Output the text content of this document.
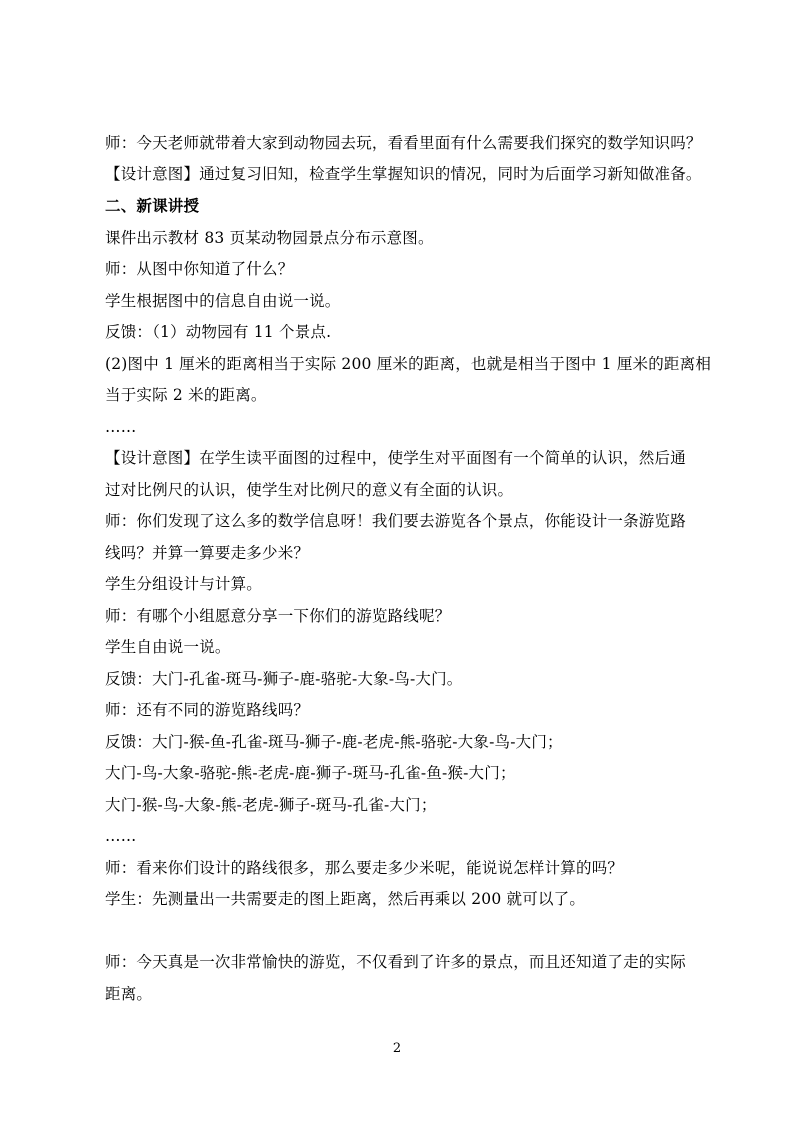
师：今天老师就带着大家到动物园去玩，看看里面有什么需要我们探究的数学知识吗？
【设计意图】通过复习旧知，检查学生掌握知识的情况，同时为后面学习新知做准备。
二、新课讲授
课件出示教材 83 页某动物园景点分布示意图。
师：从图中你知道了什么？
学生根据图中的信息自由说一说。
反馈：（1）动物园有 11 个景点.
(2)图中 1 厘米的距离相当于实际 200 厘米的距离，也就是相当于图中 1 厘米的距离相
当于实际 2 米的距离。
……
【设计意图】在学生读平面图的过程中，使学生对平面图有一个简单的认识，然后通
过对比例尺的认识，使学生对比例尺的意义有全面的认识。
师：你们发现了这么多的数学信息呀！我们要去游览各个景点，你能设计一条游览路
线吗？并算一算要走多少米？
学生分组设计与计算。
师：有哪个小组愿意分享一下你们的游览路线呢？
学生自由说一说。
反馈：大门-孔雀-斑马-狮子-鹿-骆驼-大象-鸟-大门。
师：还有不同的游览路线吗？
反馈：大门-猴-鱼-孔雀-斑马-狮子-鹿-老虎-熊-骆驼-大象-鸟-大门；
大门-鸟-大象-骆驼-熊-老虎-鹿-狮子-斑马-孔雀-鱼-猴-大门；
大门-猴-鸟-大象-熊-老虎-狮子-斑马-孔雀-大门；
……
师：看来你们设计的路线很多，那么要走多少米呢，能说说怎样计算的吗？
学生：先测量出一共需要走的图上距离，然后再乘以 200 就可以了。
师：今天真是一次非常愉快的游览，不仅看到了许多的景点，而且还知道了走的实际
距离。
2
